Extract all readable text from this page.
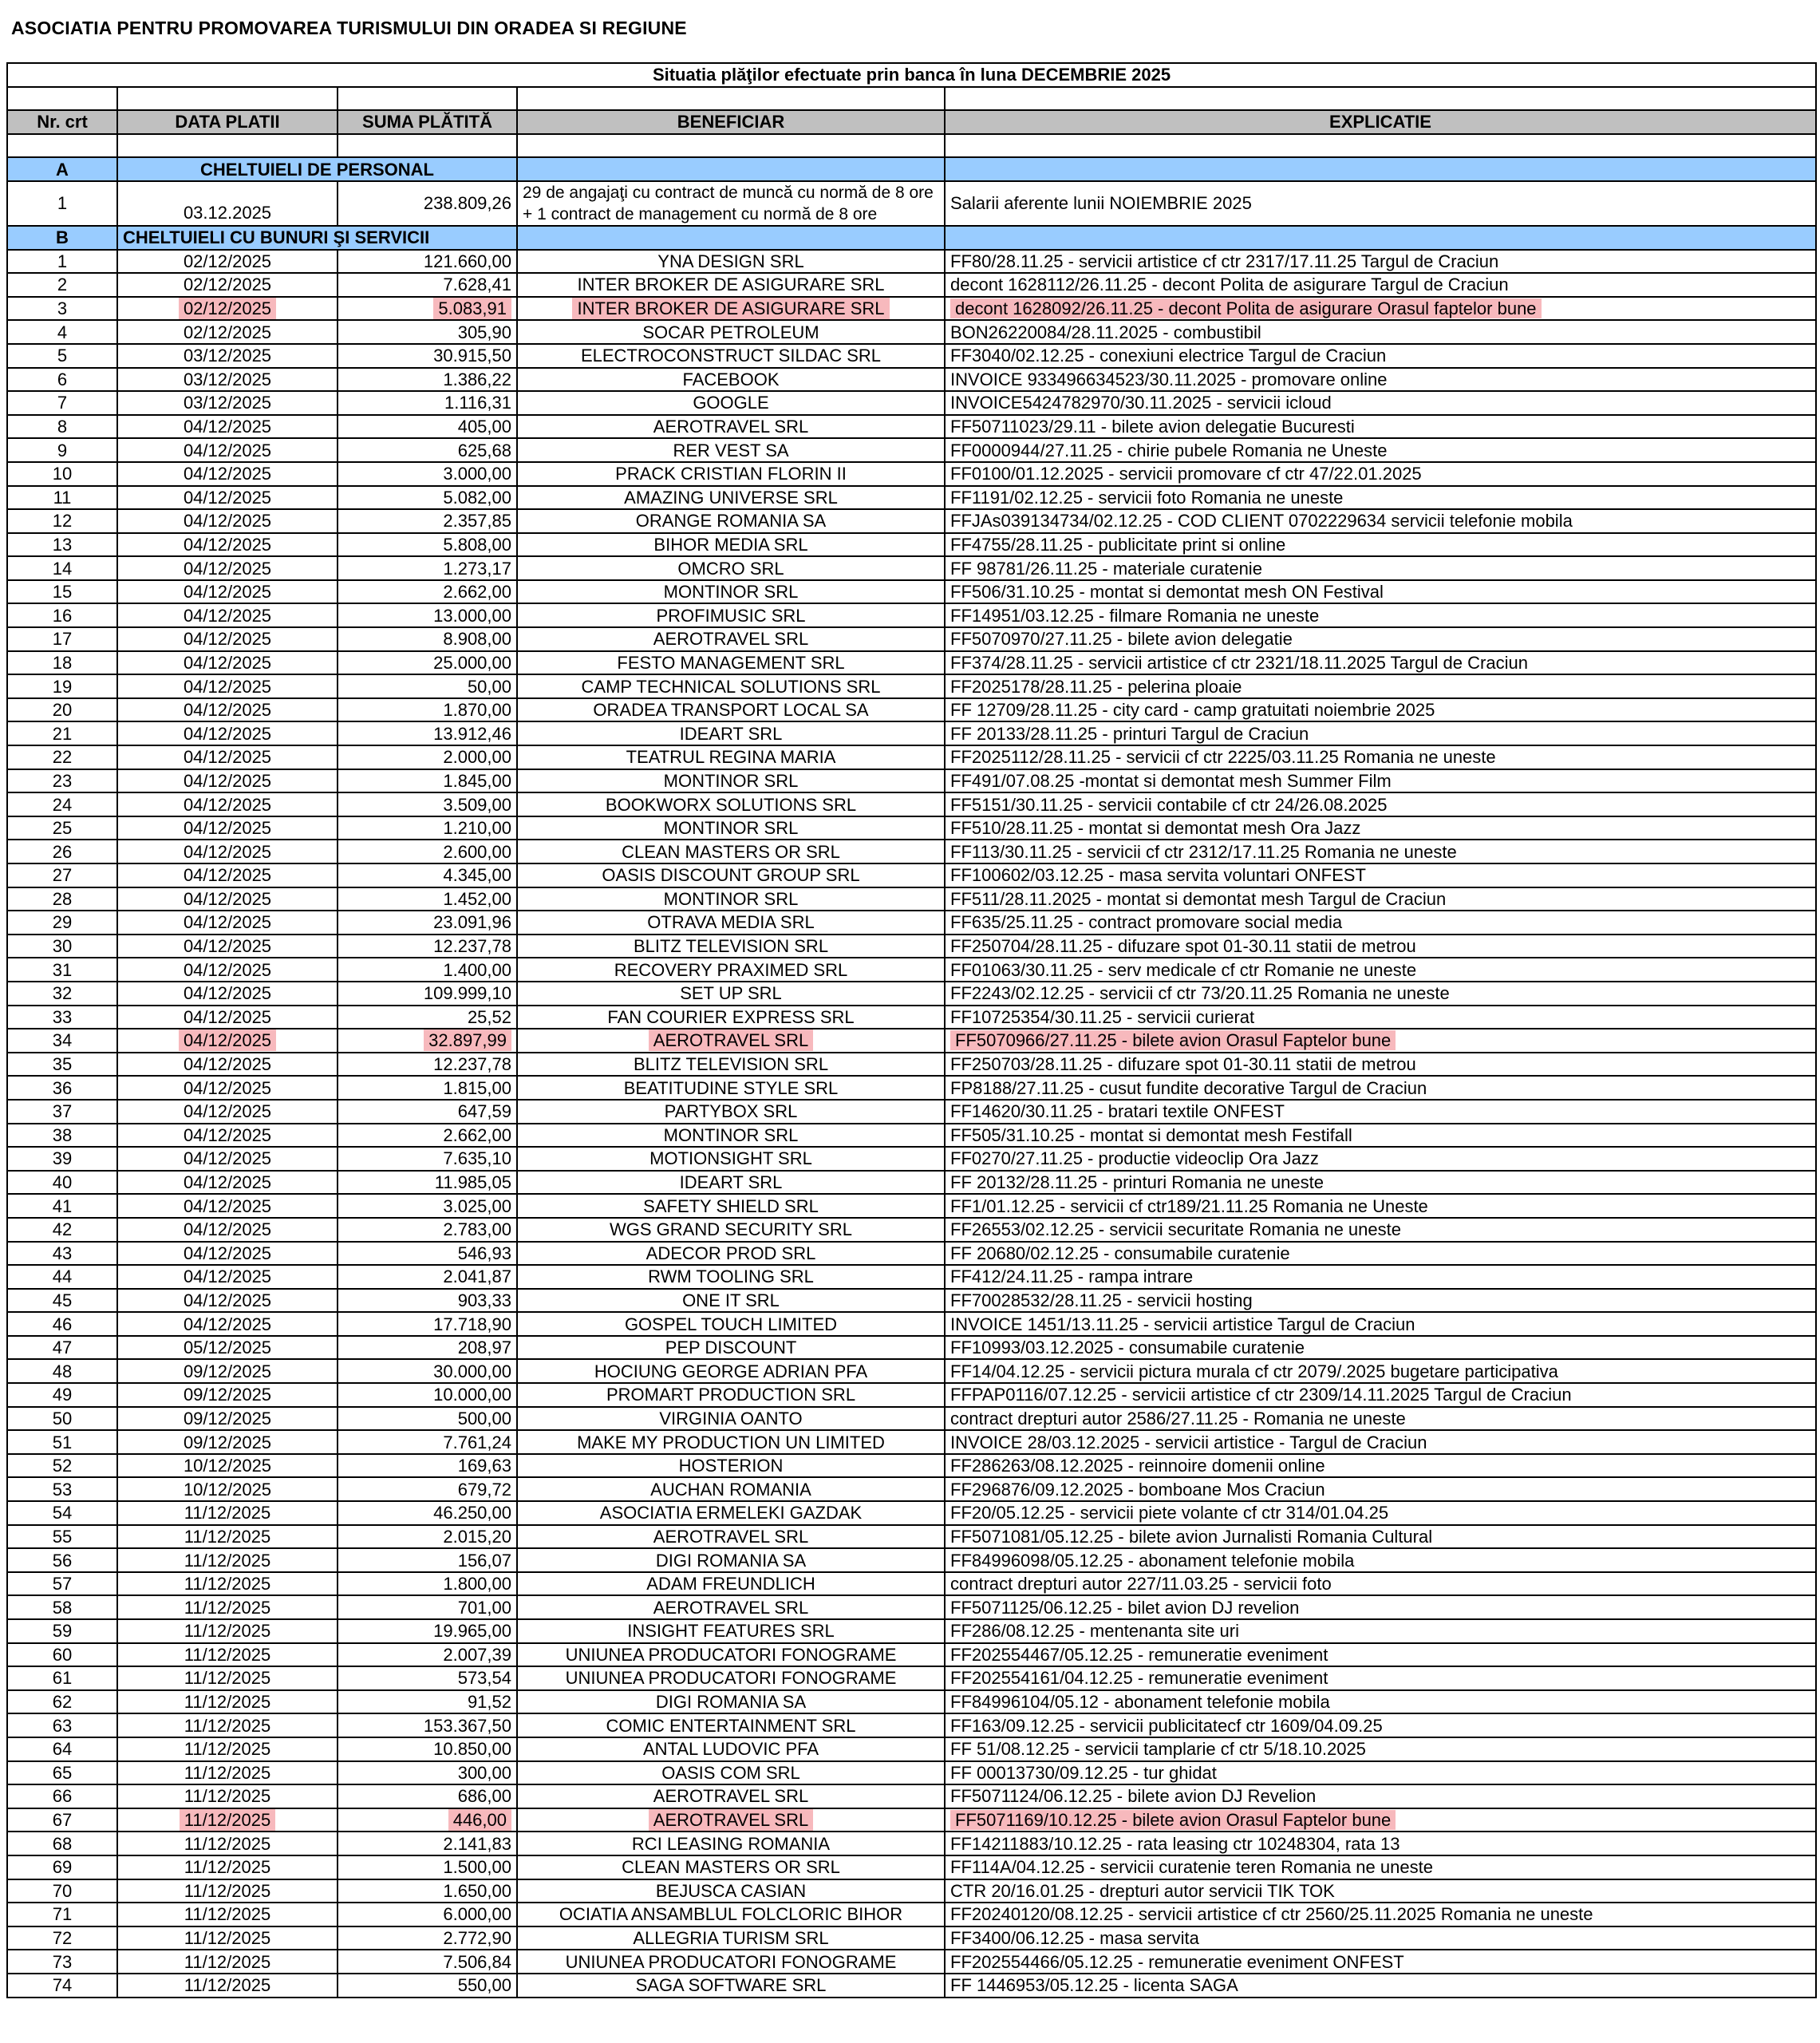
ASOCIATIA PENTRU PROMOVAREA TURISMULUI DIN ORADEA SI REGIUNE
Situatia plăţilor efectuate prin banca în luna DECEMBRIE 2025				

Nr. crt	DATA PLATII	SUMA PLĂTITĂ	BENEFICIAR	EXPLICATIE

A	CHELTUIELI DE PERSONAL			
1	03.12.2025	238.809,26	29 de angajaţi cu contract de muncă cu normă de 8 ore + 1 contract de management cu normă de 8 ore	Salarii aferente lunii NOIEMBRIE 2025
B	CHELTUIELI CU BUNURI ŞI SERVICII			
1	02/12/2025	121.660,00	YNA DESIGN SRL	FF80/28.11.25 - servicii artistice cf ctr 2317/17.11.25 Targul de Craciun
2	02/12/2025	7.628,41	INTER BROKER DE ASIGURARE SRL	decont 1628112/26.11.25 - decont Polita de asigurare Targul de Craciun
3	02/12/2025	5.083,91	INTER BROKER DE ASIGURARE SRL	decont 1628092/26.11.25 - decont Polita de asigurare Orasul faptelor bune
4	02/12/2025	305,90	SOCAR PETROLEUM	BON26220084/28.11.2025 - combustibil
5	03/12/2025	30.915,50	ELECTROCONSTRUCT SILDAC SRL	FF3040/02.12.25 - conexiuni electrice Targul de Craciun
6	03/12/2025	1.386,22	FACEBOOK	INVOICE 933496634523/30.11.2025 - promovare online
7	03/12/2025	1.116,31	GOOGLE	INVOICE5424782970/30.11.2025 - servicii icloud
8	04/12/2025	405,00	AEROTRAVEL SRL	FF50711023/29.11 - bilete avion delegatie Bucuresti
9	04/12/2025	625,68	RER VEST SA	FF0000944/27.11.25 - chirie pubele Romania ne Uneste
10	04/12/2025	3.000,00	PRACK CRISTIAN FLORIN II	FF0100/01.12.2025 - servicii promovare cf ctr 47/22.01.2025
11	04/12/2025	5.082,00	AMAZING UNIVERSE SRL	FF1191/02.12.25 - servicii foto Romania ne uneste
12	04/12/2025	2.357,85	ORANGE ROMANIA SA	FFJAs039134734/02.12.25 - COD CLIENT 0702229634 servicii telefonie mobila
13	04/12/2025	5.808,00	BIHOR MEDIA SRL	FF4755/28.11.25 - publicitate print si online
14	04/12/2025	1.273,17	OMCRO SRL	FF 98781/26.11.25 - materiale curatenie
15	04/12/2025	2.662,00	MONTINOR SRL	FF506/31.10.25 - montat si demontat mesh ON Festival
16	04/12/2025	13.000,00	PROFIMUSIC SRL	FF14951/03.12.25 - filmare Romania ne uneste
17	04/12/2025	8.908,00	AEROTRAVEL SRL	FF5070970/27.11.25 - bilete avion delegatie
18	04/12/2025	25.000,00	FESTO MANAGEMENT SRL	FF374/28.11.25 - servicii artistice cf ctr 2321/18.11.2025 Targul de Craciun
19	04/12/2025	50,00	CAMP TECHNICAL SOLUTIONS SRL	FF2025178/28.11.25 - pelerina ploaie
20	04/12/2025	1.870,00	ORADEA TRANSPORT LOCAL SA	FF 12709/28.11.25 - city card - camp gratuitati noiembrie 2025
21	04/12/2025	13.912,46	IDEART SRL	FF 20133/28.11.25 - printuri Targul de Craciun
22	04/12/2025	2.000,00	TEATRUL REGINA MARIA	FF2025112/28.11.25 - servicii cf ctr 2225/03.11.25 Romania ne uneste
23	04/12/2025	1.845,00	MONTINOR SRL	FF491/07.08.25 -montat si demontat mesh Summer Film
24	04/12/2025	3.509,00	BOOKWORX SOLUTIONS SRL	FF5151/30.11.25 - servicii contabile cf ctr 24/26.08.2025
25	04/12/2025	1.210,00	MONTINOR SRL	FF510/28.11.25 - montat si demontat mesh Ora Jazz
26	04/12/2025	2.600,00	CLEAN MASTERS OR SRL	FF113/30.11.25 - servicii cf ctr 2312/17.11.25 Romania ne uneste
27	04/12/2025	4.345,00	OASIS DISCOUNT GROUP SRL	FF100602/03.12.25 - masa servita voluntari ONFEST
28	04/12/2025	1.452,00	MONTINOR SRL	FF511/28.11.2025 - montat si demontat mesh Targul de Craciun
29	04/12/2025	23.091,96	OTRAVA MEDIA SRL	FF635/25.11.25 - contract promovare social media
30	04/12/2025	12.237,78	BLITZ TELEVISION SRL	FF250704/28.11.25 - difuzare spot 01-30.11 statii de metrou
31	04/12/2025	1.400,00	RECOVERY PRAXIMED SRL	FF01063/30.11.25 - serv medicale cf ctr Romanie ne uneste
32	04/12/2025	109.999,10	SET UP SRL	FF2243/02.12.25 - servicii cf ctr 73/20.11.25 Romania ne uneste
33	04/12/2025	25,52	FAN COURIER EXPRESS SRL	FF10725354/30.11.25 - servicii curierat
34	04/12/2025	32.897,99	AEROTRAVEL SRL	FF5070966/27.11.25 - bilete avion Orasul Faptelor bune
35	04/12/2025	12.237,78	BLITZ TELEVISION SRL	FF250703/28.11.25 - difuzare spot 01-30.11 statii de metrou
36	04/12/2025	1.815,00	BEATITUDINE STYLE SRL	FP8188/27.11.25 - cusut fundite decorative Targul de Craciun
37	04/12/2025	647,59	PARTYBOX SRL	FF14620/30.11.25 - bratari textile ONFEST
38	04/12/2025	2.662,00	MONTINOR SRL	FF505/31.10.25 - montat si demontat mesh Festifall
39	04/12/2025	7.635,10	MOTIONSIGHT SRL	FF0270/27.11.25 - productie videoclip Ora Jazz
40	04/12/2025	11.985,05	IDEART SRL	FF 20132/28.11.25 - printuri Romania ne uneste
41	04/12/2025	3.025,00	SAFETY SHIELD SRL	FF1/01.12.25 - servicii cf ctr189/21.11.25 Romania ne Uneste
42	04/12/2025	2.783,00	WGS GRAND SECURITY SRL	FF26553/02.12.25 - servicii securitate Romania ne uneste
43	04/12/2025	546,93	ADECOR PROD SRL	FF 20680/02.12.25 - consumabile curatenie
44	04/12/2025	2.041,87	RWM TOOLING SRL	FF412/24.11.25 - rampa intrare
45	04/12/2025	903,33	ONE IT SRL	FF70028532/28.11.25 - servicii hosting
46	04/12/2025	17.718,90	GOSPEL TOUCH LIMITED	INVOICE 1451/13.11.25 - servicii artistice Targul de Craciun
47	05/12/2025	208,97	PEP DISCOUNT	FF10993/03.12.2025 - consumabile curatenie
48	09/12/2025	30.000,00	HOCIUNG GEORGE ADRIAN PFA	FF14/04.12.25 - servicii pictura murala cf ctr 2079/.2025 bugetare participativa
49	09/12/2025	10.000,00	PROMART PRODUCTION SRL	FFPAP0116/07.12.25 - servicii artistice cf ctr 2309/14.11.2025 Targul de Craciun
50	09/12/2025	500,00	VIRGINIA OANTO	contract drepturi autor 2586/27.11.25 - Romania ne uneste
51	09/12/2025	7.761,24	MAKE MY PRODUCTION UN LIMITED	INVOICE 28/03.12.2025 - servicii artistice - Targul de Craciun
52	10/12/2025	169,63	HOSTERION	FF286263/08.12.2025 - reinnoire domenii online
53	10/12/2025	679,72	AUCHAN ROMANIA	FF296876/09.12.2025 - bomboane Mos Craciun
54	11/12/2025	46.250,00	ASOCIATIA ERMELEKI GAZDAK	FF20/05.12.25 - servicii piete volante cf ctr 314/01.04.25
55	11/12/2025	2.015,20	AEROTRAVEL SRL	FF5071081/05.12.25 - bilete avion Jurnalisti Romania Cultural
56	11/12/2025	156,07	DIGI ROMANIA SA	FF84996098/05.12.25 - abonament telefonie mobila
57	11/12/2025	1.800,00	ADAM FREUNDLICH	contract drepturi autor 227/11.03.25 - servicii foto
58	11/12/2025	701,00	AEROTRAVEL SRL	FF5071125/06.12.25 - bilet avion DJ revelion
59	11/12/2025	19.965,00	INSIGHT FEATURES SRL	FF286/08.12.25 - mentenanta site uri
60	11/12/2025	2.007,39	UNIUNEA PRODUCATORI FONOGRAME	FF202554467/05.12.25 - remuneratie eveniment
61	11/12/2025	573,54	UNIUNEA PRODUCATORI FONOGRAME	FF202554161/04.12.25 - remuneratie eveniment
62	11/12/2025	91,52	DIGI ROMANIA SA	FF84996104/05.12 - abonament telefonie mobila
63	11/12/2025	153.367,50	COMIC ENTERTAINMENT SRL	FF163/09.12.25 - servicii publicitatecf ctr 1609/04.09.25
64	11/12/2025	10.850,00	ANTAL LUDOVIC PFA	FF 51/08.12.25 - servicii tamplarie cf ctr 5/18.10.2025
65	11/12/2025	300,00	OASIS COM SRL	FF 00013730/09.12.25 - tur ghidat
66	11/12/2025	686,00	AEROTRAVEL SRL	FF5071124/06.12.25 - bilete avion DJ Revelion
67	11/12/2025	446,00	AEROTRAVEL SRL	FF5071169/10.12.25 - bilete avion Orasul Faptelor bune
68	11/12/2025	2.141,83	RCI LEASING ROMANIA	FF14211883/10.12.25 - rata leasing ctr 10248304, rata 13
69	11/12/2025	1.500,00	CLEAN MASTERS OR SRL	FF114A/04.12.25 - servicii curatenie teren Romania ne uneste
70	11/12/2025	1.650,00	BEJUSCA CASIAN	CTR 20/16.01.25 - drepturi autor servicii TIK TOK
71	11/12/2025	6.000,00	OCIATIA ANSAMBLUL FOLCLORIC BIHOR	FF20240120/08.12.25 - servicii artistice cf ctr 2560/25.11.2025 Romania ne uneste
72	11/12/2025	2.772,90	ALLEGRIA TURISM SRL	FF3400/06.12.25 - masa servita
73	11/12/2025	7.506,84	UNIUNEA PRODUCATORI FONOGRAME	FF202554466/05.12.25 - remuneratie eveniment ONFEST
74	11/12/2025	550,00	SAGA SOFTWARE SRL	FF 1446953/05.12.25 - licenta SAGA
